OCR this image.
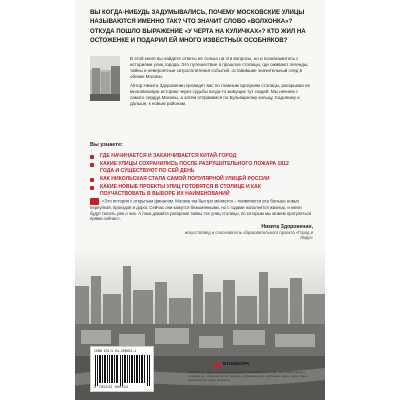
ВЫ КОГДА-НИБУДЬ ЗАДУМЫВАЛИСЬ, ПОЧЕМУ МОСКОВСКИЕ УЛИЦЫ НАЗЫВАЮТСЯ ИМЕННО ТАК? ЧТО ЗНАЧИТ СЛОВО «ВОЛХОНКА»? ОТКУДА ПОШЛО ВЫРАЖЕНИЕ «У ЧЕРТА НА КУЛИЧКАХ»? КТО ЖИЛ НА ОСТОЖЕНКЕ И ПОДАРИЛ ЕЙ МНОГО ИЗВЕСТНЫХ ОСОБНЯКОВ?

В этой книге вы найдете ответы не только на эти вопросы, но и познакомитесь с историями улиц города. Это путешествие в прошлое столицы, где оживают легенды, тайны и невероятные хитросплетения событий, оставившие значительный след в облике Москвы.

Автор Никита Здоровенин проведет вас по главным артериям столицы, раскрывая ее многовековую историю через судьбы когда-то живущих тут людей. Мы начнем с самого сердца Москвы, а затем отправимся по Бульварному кольцу, Садовому и дальше, к новым районам.

Вы узнаете:
ГДЕ НАЧИНАЕТСЯ И ЗАКАНЧИВАЕТСЯ КИТАЙ-ГОРОД
КАКИЕ УЛИЦЫ СОХРАНИЛИСЬ ПОСЛЕ РАЗРУШИТЕЛЬНОГО ПОЖАРА 1812 ГОДА И СУЩЕСТВУЮТ ПО СЕЙ ДЕНЬ
КАК НИКОЛЬСКАЯ СТАЛА САМОЙ ПОПУЛЯРНОЙ УЛИЦЕЙ РОССИИ
КАКИЕ НОВЫЕ ПРОЕКТЫ УЛИЦ ГОТОВЯТСЯ В СТОЛИЦЕ И КАК ПОУЧАСТВОВАТЬ В ВЫБОРЕ ИХ НАИМЕНОВАНИЙ
«Это история с открытым финалом. Москва так быстро меняется – появляются все больше новых переулков, проездов и дорог. Сейчас они кажутся безымянными, но с годами наполнятся жизнью, и книги будут писать уже о них. А пока давайте раскроем тайны тех улиц столицы, по которым мы можем прогуляться прямо сейчас».
Никита Здоровенин,
искусствовед и сооснователь образовательного проекта «Город и Люди»
ISBN 978-5-04-208053-1
9 785042 080531
БОМБОРА
БОМБОРА – лидер на рынке полезных и вдохновляющих книг. Мы любим книги и создаем их, чтобы вы могли творить, открывать мир, пробовать новое, расти. Быть счастливыми. Быть на волне.
